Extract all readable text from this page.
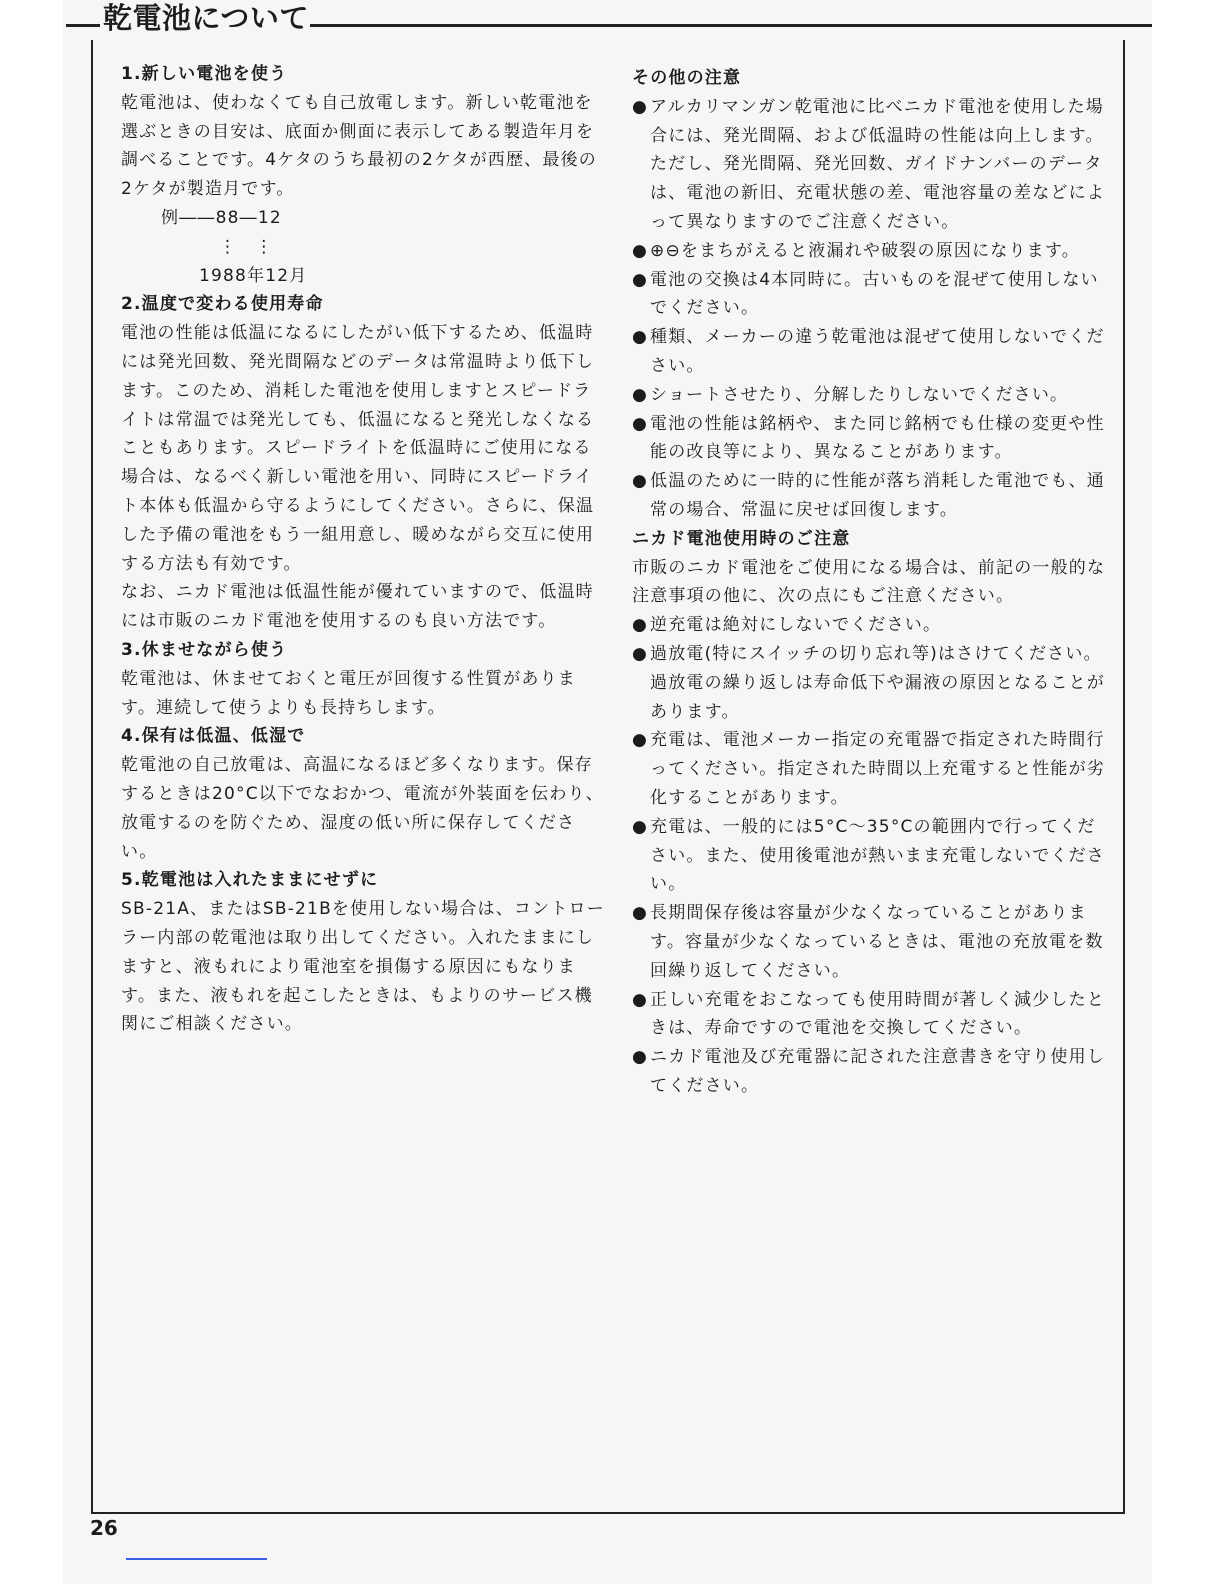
乾電池について

1.新しい電池を使う

乾電池は、使わなくても自己放電します。新しい乾電池を選ぶときの目安は、底面か側面に表示してある製造年月を調べることです。4ケタのうち最初の2ケタが西歴、最後の2ケタが製造月です。

例――88―12

⋮　⋮

1988年12月

2.温度で変わる使用寿命

電池の性能は低温になるにしたがい低下するため、低温時には発光回数、発光間隔などのデータは常温時より低下します。このため、消耗した電池を使用しますとスピードライトは常温では発光しても、低温になると発光しなくなることもあります。スピードライトを低温時にご使用になる場合は、なるべく新しい電池を用い、同時にスピードライト本体も低温から守るようにしてください。さらに、保温した予備の電池をもう一組用意し、暖めながら交互に使用する方法も有効です。

なお、ニカド電池は低温性能が優れていますので、低温時には市販のニカド電池を使用するのも良い方法です。

3.休ませながら使う

乾電池は、休ませておくと電圧が回復する性質があります。連続して使うよりも長持ちします。

4.保有は低温、低湿で

乾電池の自己放電は、高温になるほど多くなります。保存するときは20°C以下でなおかつ、電流が外装面を伝わり、放電するのを防ぐため、湿度の低い所に保存してください。

5.乾電池は入れたままにせずに

SB-21A、またはSB-21Bを使用しない場合は、コントローラー内部の乾電池は取り出してください。入れたままにしますと、液もれにより電池室を損傷する原因にもなります。また、液もれを起こしたときは、もよりのサービス機関にご相談ください。

その他の注意

● アルカリマンガン乾電池に比べニカド電池を使用した場合には、発光間隔、および低温時の性能は向上します。ただし、発光間隔、発光回数、ガイドナンバーのデータは、電池の新旧、充電状態の差、電池容量の差などによって異なりますのでご注意ください。

● ⊕⊖をまちがえると液漏れや破裂の原因になります。

● 電池の交換は4本同時に。古いものを混ぜて使用しないでください。

● 種類、メーカーの違う乾電池は混ぜて使用しないでください。

● ショートさせたり、分解したりしないでください。

● 電池の性能は銘柄や、また同じ銘柄でも仕様の変更や性能の改良等により、異なることがあります。

● 低温のために一時的に性能が落ち消耗した電池でも、通常の場合、常温に戻せば回復します。

ニカド電池使用時のご注意

市販のニカド電池をご使用になる場合は、前記の一般的な注意事項の他に、次の点にもご注意ください。

● 逆充電は絶対にしないでください。

● 過放電(特にスイッチの切り忘れ等)はさけてください。過放電の繰り返しは寿命低下や漏液の原因となることがあります。

● 充電は、電池メーカー指定の充電器で指定された時間行ってください。指定された時間以上充電すると性能が劣化することがあります。

● 充電は、一般的には5°C～35°Cの範囲内で行ってください。また、使用後電池が熱いまま充電しないでください。

● 長期間保存後は容量が少なくなっていることがあります。容量が少なくなっているときは、電池の充放電を数回繰り返してください。

● 正しい充電をおこなっても使用時間が著しく減少したときは、寿命ですので電池を交換してください。

● ニカド電池及び充電器に記された注意書きを守り使用してください。

26
